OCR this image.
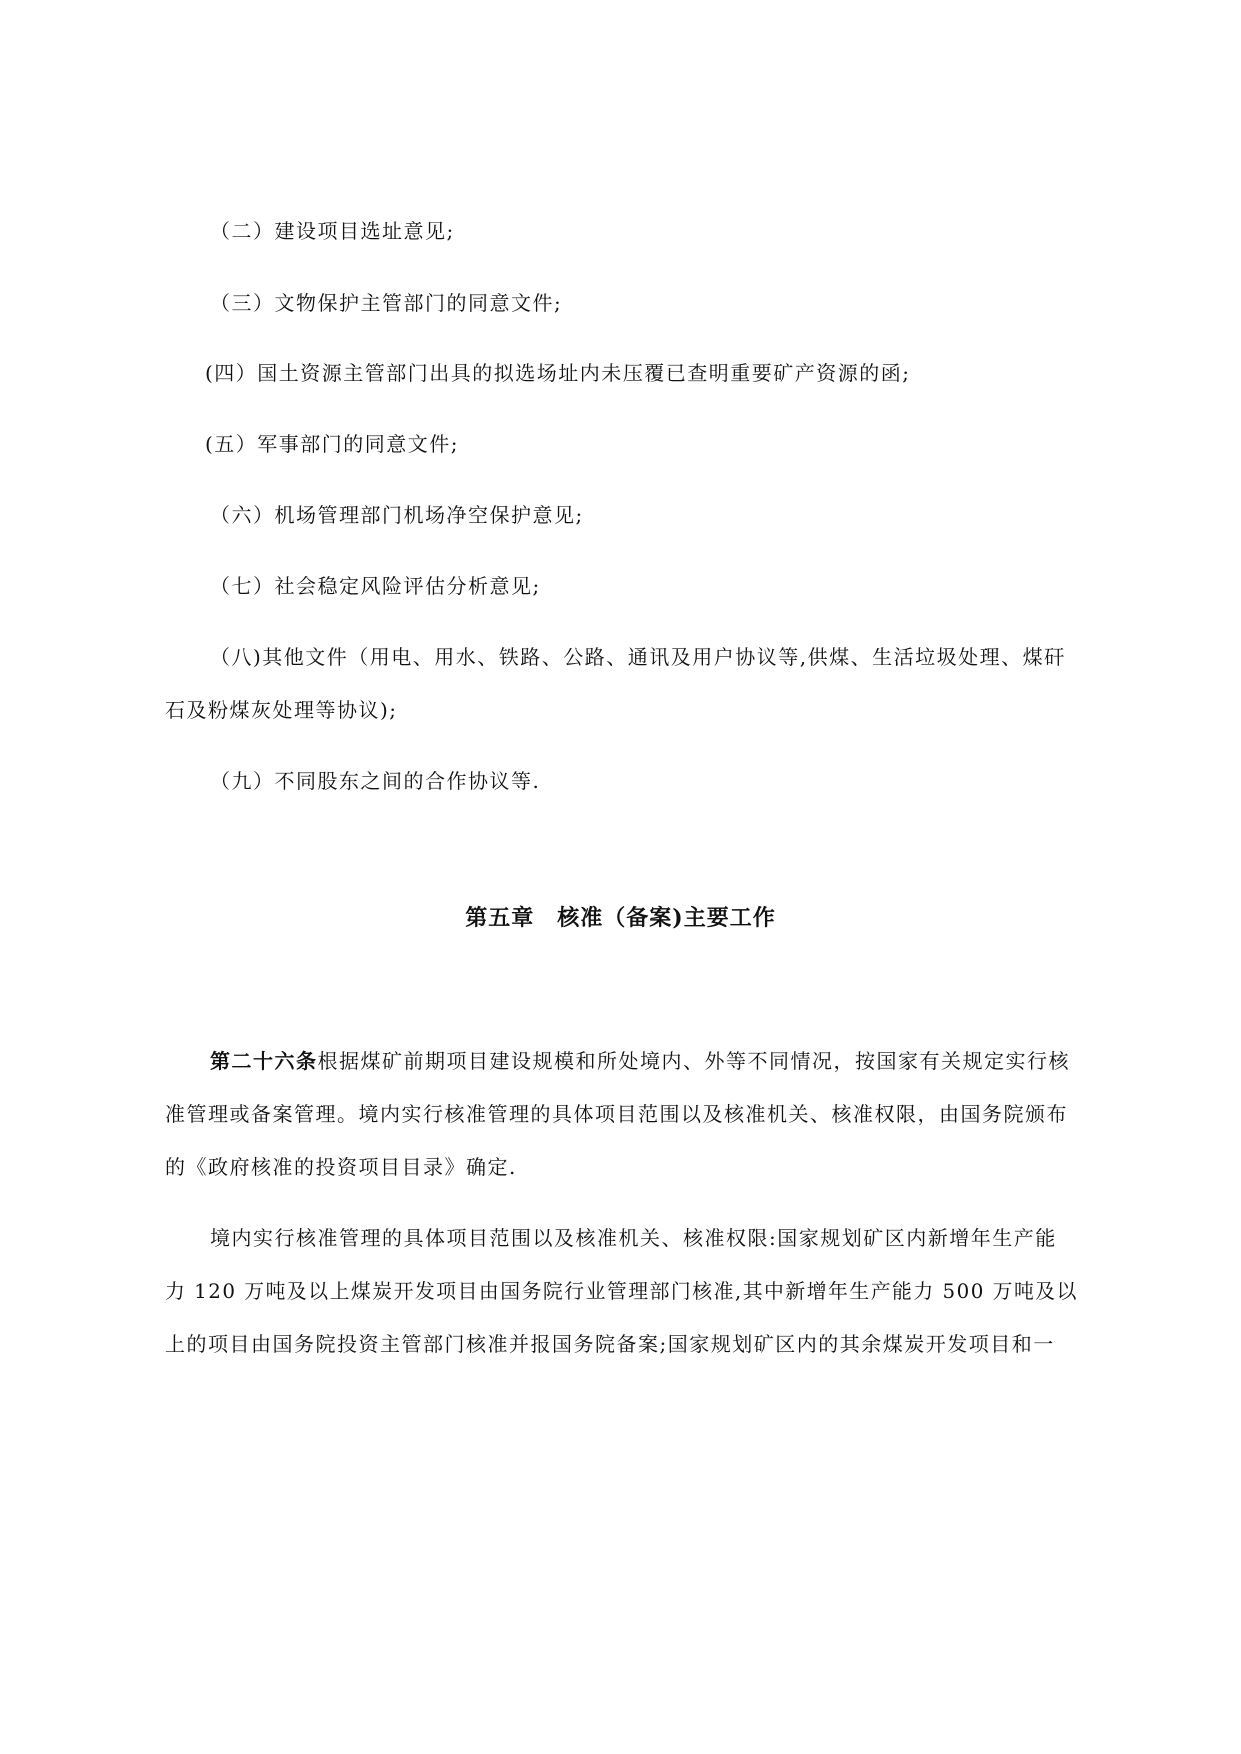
（二）建设项目选址意见;
（三）文物保护主管部门的同意文件;
(四）国土资源主管部门出具的拟选场址内未压覆已查明重要矿产资源的函;
(五）军事部门的同意文件;
（六）机场管理部门机场净空保护意见;
（七）社会稳定风险评估分析意见;
（八)其他文件（用电、用水、铁路、公路、通讯及用户协议等,供煤、生活垃圾处理、煤矸
石及粉煤灰处理等协议);
（九）不同股东之间的合作协议等.
第五章　核准（备案)主要工作
第二十六条根据煤矿前期项目建设规模和所处境内、外等不同情况，按国家有关规定实行核
准管理或备案管理。境内实行核准管理的具体项目范围以及核准机关、核准权限，由国务院颁布
的《政府核准的投资项目目录》确定.
境内实行核准管理的具体项目范围以及核准机关、核准权限:国家规划矿区内新增年生产能
力 120 万吨及以上煤炭开发项目由国务院行业管理部门核准,其中新增年生产能力 500 万吨及以
上的项目由国务院投资主管部门核准并报国务院备案;国家规划矿区内的其余煤炭开发项目和一
